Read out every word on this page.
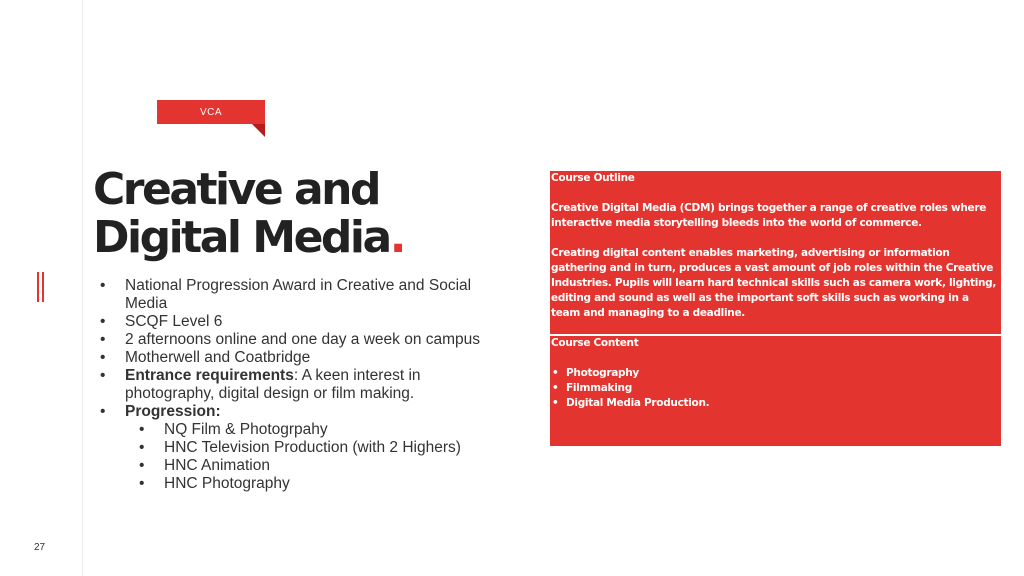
VCA
Creative and
Digital Media.
• National Progression Award in Creative and Social Media
• SCQF Level 6
• 2 afternoons online and one day a week on campus
• Motherwell and Coatbridge
• Entrance requirements: A keen interest in photography, digital design or film making.
• Progression:
• NQ Film & Photogrpahy
• HNC Television Production (with 2 Highers)
• HNC Animation
• HNC Photography

Course Outline

Creative Digital Media (CDM) brings together a range of creative roles where interactive media storytelling bleeds into the world of commerce.

Creating digital content enables marketing, advertising or information gathering and in turn, produces a vast amount of job roles within the Creative Industries. Pupils will learn hard technical skills such as camera work, lighting, editing and sound as well as the important soft skills such as working in a team and managing to a deadline.

Course Content

• Photography
• Filmmaking
• Digital Media Production.
27
